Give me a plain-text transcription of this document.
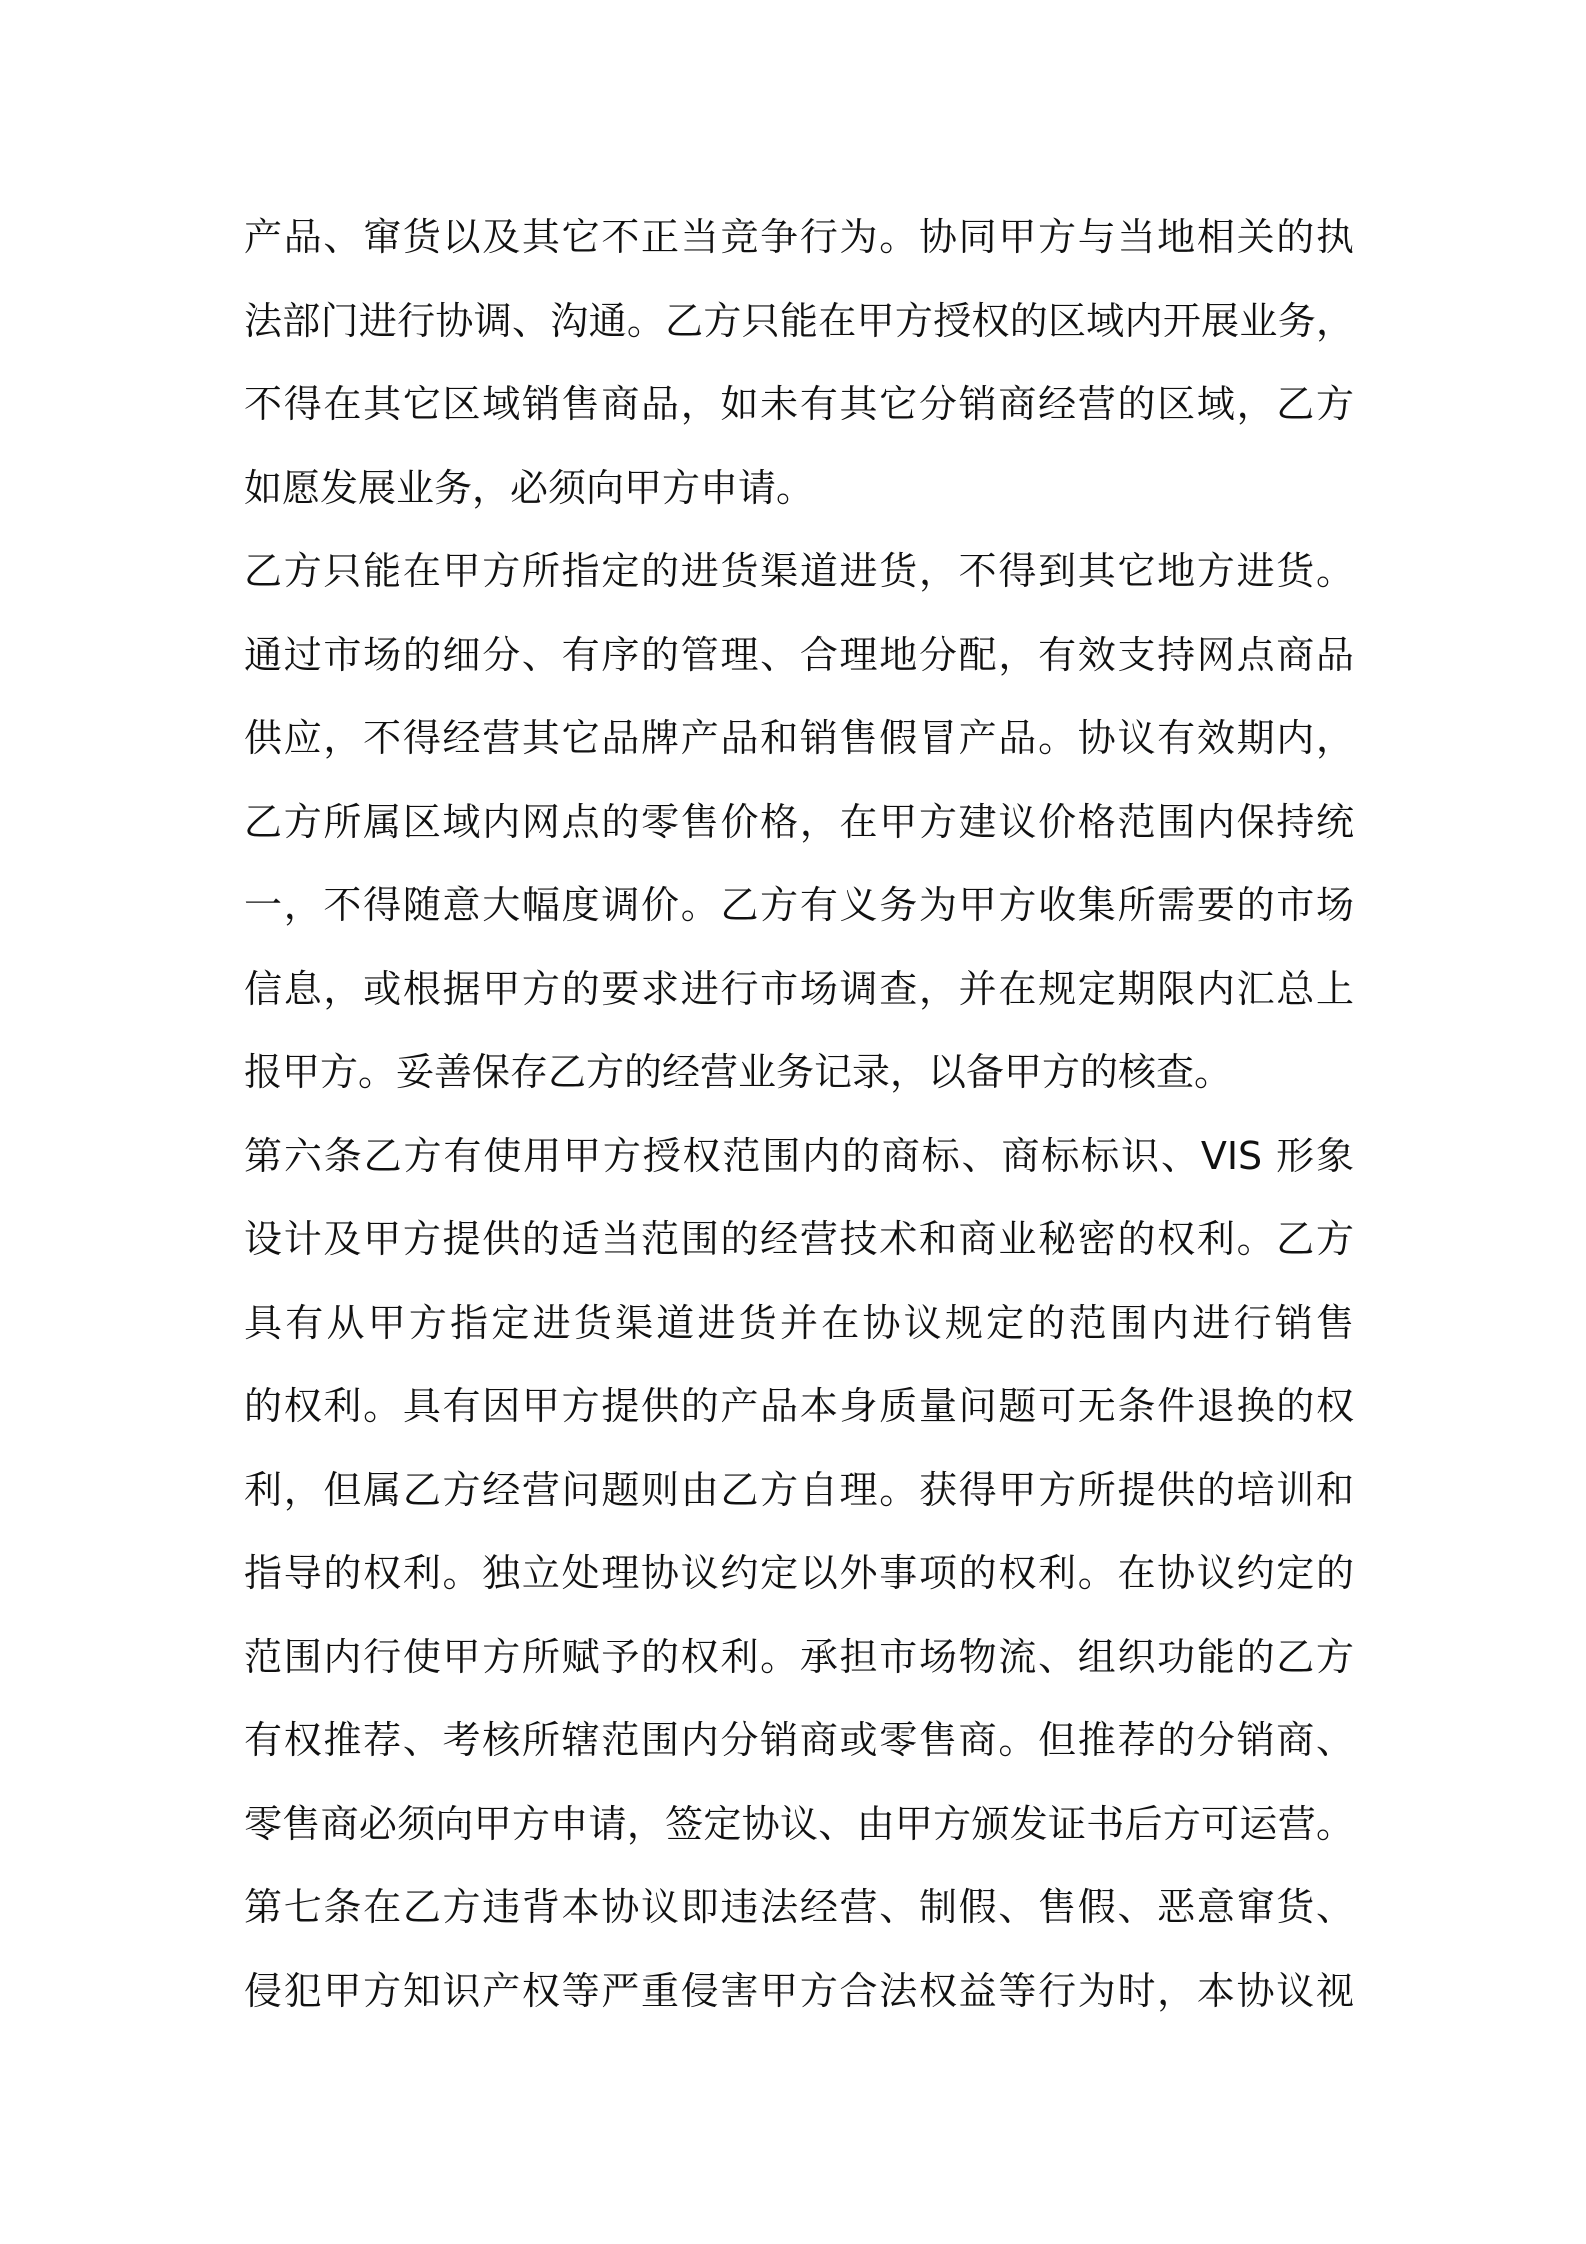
产品、窜货以及其它不正当竞争行为。协同甲方与当地相关的执
法部门进行协调、沟通。乙方只能在甲方授权的区域内开展业务，
不得在其它区域销售商品，如未有其它分销商经营的区域，乙方
如愿发展业务，必须向甲方申请。
乙方只能在甲方所指定的进货渠道进货，不得到其它地方进货。
通过市场的细分、有序的管理、合理地分配，有效支持网点商品
供应，不得经营其它品牌产品和销售假冒产品。协议有效期内，
乙方所属区域内网点的零售价格，在甲方建议价格范围内保持统
一，不得随意大幅度调价。乙方有义务为甲方收集所需要的市场
信息，或根据甲方的要求进行市场调查，并在规定期限内汇总上
报甲方。妥善保存乙方的经营业务记录，以备甲方的核查。
第六条乙方有使用甲方授权范围内的商标、商标标识、VIS 形象
设计及甲方提供的适当范围的经营技术和商业秘密的权利。乙方
具有从甲方指定进货渠道进货并在协议规定的范围内进行销售
的权利。具有因甲方提供的产品本身质量问题可无条件退换的权
利，但属乙方经营问题则由乙方自理。获得甲方所提供的培训和
指导的权利。独立处理协议约定以外事项的权利。在协议约定的
范围内行使甲方所赋予的权利。承担市场物流、组织功能的乙方
有权推荐、考核所辖范围内分销商或零售商。但推荐的分销商、
零售商必须向甲方申请，签定协议、由甲方颁发证书后方可运营。
第七条在乙方违背本协议即违法经营、制假、售假、恶意窜货、
侵犯甲方知识产权等严重侵害甲方合法权益等行为时，本协议视
